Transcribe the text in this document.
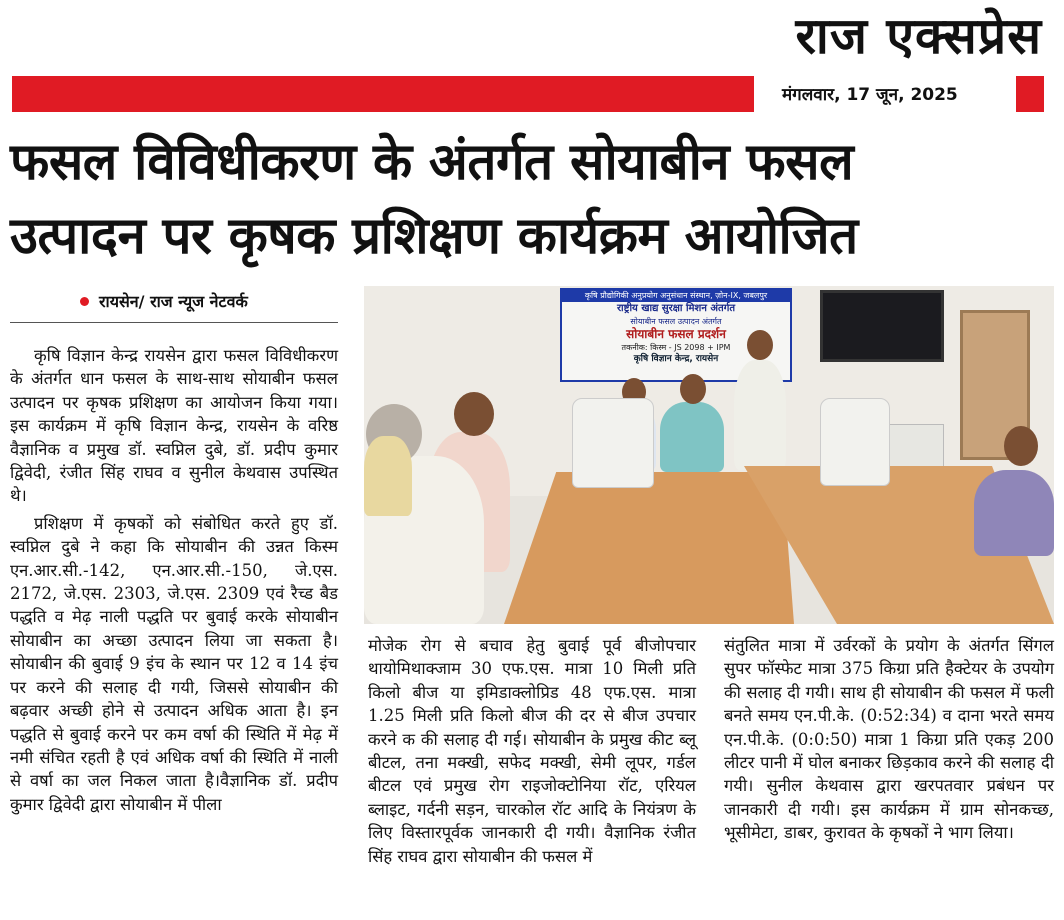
राज एक्सप्रेस
मंगलवार, 17 जून, 2025
फसल विविधीकरण के अंतर्गत सोयाबीन फसल
उत्पादन पर कृषक प्रशिक्षण कार्यक्रम आयोजित
रायसेन/ राज न्यूज नेटवर्क

कृषि विज्ञान केन्द्र रायसेन द्वारा फसल विविधीकरण के अंतर्गत धान फसल के साथ-साथ सोयाबीन फसल उत्पादन पर कृषक प्रशिक्षण का आयोजन किया गया। इस कार्यक्रम में कृषि विज्ञान केन्द्र, रायसेन के वरिष्ठ वैज्ञानिक व प्रमुख डॉ. स्वप्निल दुबे, डॉ. प्रदीप कुमार द्विवेदी, रंजीत सिंह राघव व सुनील केथवास उपस्थित थे।

प्रशिक्षण में कृषकों को संबोधित करते हुए डॉ. स्वप्निल दुबे ने कहा कि सोयाबीन की उन्नत किस्म एन.आर.सी.-142, एन.आर.सी.-150, जे.एस. 2172, जे.एस. 2303, जे.एस. 2309 एवं रैच्ड बैड पद्धति व मेढ़ नाली पद्धति पर बुवाई करके सोयाबीन सोयाबीन का अच्छा उत्पादन लिया जा सकता है। सोयाबीन की बुवाई 9 इंच के स्थान पर 12 व 14 इंच पर करने की सलाह दी गयी, जिससे सोयाबीन की बढ़वार अच्छी होने से उत्पादन अधिक आता है। इन पद्धति से बुवाई करने पर कम वर्षा की स्थिति में मेढ़ में नमी संचित रहती है एवं अधिक वर्षा की स्थिति में नाली से वर्षा का जल निकल जाता है।वैज्ञानिक डॉ. प्रदीप कुमार द्विवेदी द्वारा सोयाबीन में पीला

कृषि प्रौद्योगिकी अनुप्रयोग अनुसंधान संस्थान, ज़ोन-IX, जबलपुर
राष्ट्रीय खाद्य सुरक्षा मिशन अंतर्गत
सोयाबीन फसल उत्पादन अंतर्गत
सोयाबीन फसल प्रदर्शन
तकनीक: किस्म - JS 2098 + IPM
कृषि विज्ञान केन्द्र, रायसेन

मोजेक रोग से बचाव हेतु बुवाई पूर्व बीजोपचार थायोमिथाक्जाम 30 एफ.एस. मात्रा 10 मिली प्रति किलो बीज या इमिडाक्लोप्रिड 48 एफ.एस. मात्रा 1.25 मिली प्रति किलो बीज की दर से बीज उपचार करने क की सलाह दी गई। सोयाबीन के प्रमुख कीट ब्लू बीटल, तना मक्खी, सफेद मक्खी, सेमी लूपर, गर्डल बीटल एवं प्रमुख रोग राइजोक्टोनिया रॉट, एरियल ब्लाइट, गर्दनी सड़न, चारकोल रॉट आदि के नियंत्रण के लिए विस्तारपूर्वक जानकारी दी गयी। वैज्ञानिक रंजीत सिंह राघव द्वारा सोयाबीन की फसल में

संतुलित मात्रा में उर्वरकों के प्रयोग के अंतर्गत सिंगल सुपर फॉस्फेट मात्रा 375 किग्रा प्रति हैक्टेयर के उपयोग की सलाह दी गयी। साथ ही सोयाबीन की फसल में फली बनते समय एन.पी.के. (0:52:34) व दाना भरते समय एन.पी.के. (0:0:50) मात्रा 1 किग्रा प्रति एकड़ 200 लीटर पानी में घोल बनाकर छिड़काव करने की सलाह दी गयी। सुनील केथवास द्वारा खरपतवार प्रबंधन पर जानकारी दी गयी। इस कार्यक्रम में ग्राम सोनकच्छ, भूसीमेटा, डाबर, कुरावत के कृषकों ने भाग लिया।
